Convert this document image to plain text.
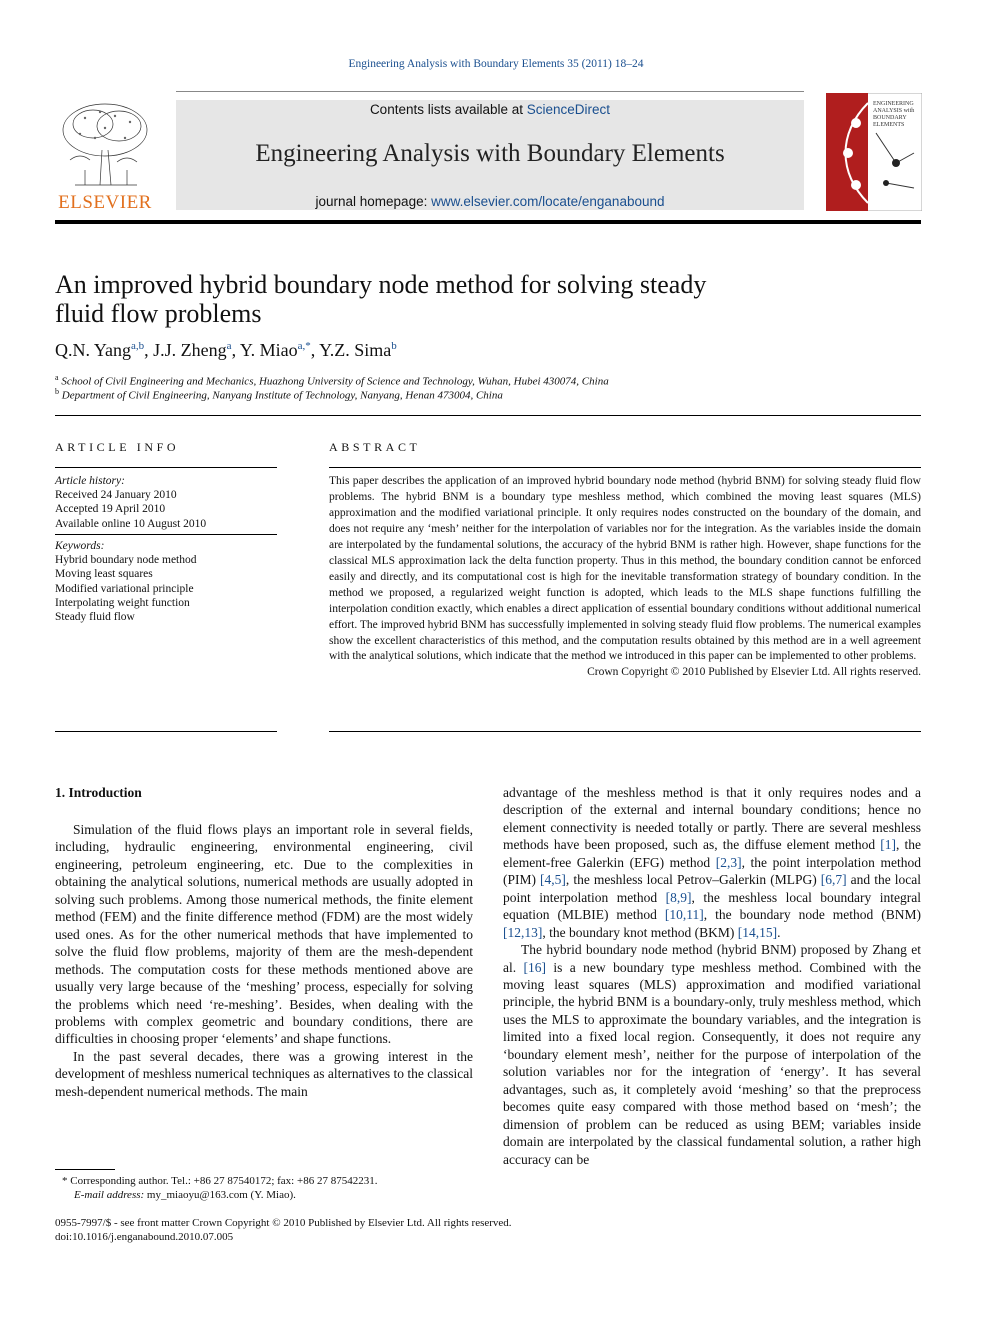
Engineering Analysis with Boundary Elements 35 (2011) 18–24
ELSEVIER
Contents lists available at ScienceDirect
Engineering Analysis with Boundary Elements
journal homepage: www.elsevier.com/locate/enganabound
ENGINEERING
ANALYSIS with
BOUNDARY
ELEMENTS
An improved hybrid boundary node method for solving steady
fluid flow problems
Q.N. Yang$^{a,b}$, J.J. Zheng$^a$, Y. Miao$^{a,*}$, Y.Z. Sima$^b$
$^a$ School of Civil Engineering and Mechanics, Huazhong University of Science and Technology, Wuhan, Hubei 430074, China
$^b$ Department of Civil Engineering, Nanyang Institute of Technology, Nanyang, Henan 473004, China
ARTICLE INFO
Article history:
Received 24 January 2010
Accepted 19 April 2010
Available online 10 August 2010
Keywords:
Hybrid boundary node method
Moving least squares
Modified variational principle
Interpolating weight function
Steady fluid flow
ABSTRACT
This paper describes the application of an improved hybrid boundary node method (hybrid BNM) for solving steady fluid flow problems. The hybrid BNM is a boundary type meshless method, which combined the moving least squares (MLS) approximation and the modified variational principle. It only requires nodes constructed on the boundary of the domain, and does not require any ‘mesh’ neither for the interpolation of variables nor for the integration. As the variables inside the domain are interpolated by the fundamental solutions, the accuracy of the hybrid BNM is rather high. However, shape functions for the classical MLS approximation lack the delta function property. Thus in this method, the boundary condition cannot be enforced easily and directly, and its computational cost is high for the inevitable transformation strategy of boundary condition. In the method we proposed, a regularized weight function is adopted, which leads to the MLS shape functions fulfilling the interpolation condition exactly, which enables a direct application of essential boundary conditions without additional numerical effort. The improved hybrid BNM has successfully implemented in solving steady fluid flow problems. The numerical examples show the excellent characteristics of this method, and the computation results obtained by this method are in a well agreement with the analytical solutions, which indicate that the method we introduced in this paper can be implemented to other problems.
Crown Copyright © 2010 Published by Elsevier Ltd. All rights reserved.
1. Introduction

Simulation of the fluid flows plays an important role in several fields, including, hydraulic engineering, environmental engineering, civil engineering, petroleum engineering, etc. Due to the complexities in obtaining the analytical solutions, numerical methods are usually adopted in solving such problems. Among those numerical methods, the finite element method (FEM) and the finite difference method (FDM) are the most widely used ones. As for the other numerical methods that have implemented to solve the fluid flow problems, majority of them are the mesh-dependent methods. The computation costs for these methods mentioned above are usually very large because of the ‘meshing’ process, especially for solving the problems which need ‘re-meshing’. Besides, when dealing with the problems with complex geometric and boundary conditions, there are difficulties in choosing proper ‘elements’ and shape functions.

In the past several decades, there was a growing interest in the development of meshless numerical techniques as alternatives to the classical mesh-dependent numerical methods. The main

advantage of the meshless method is that it only requires nodes and a description of the external and internal boundary conditions; hence no element connectivity is needed totally or partly. There are several meshless methods have been proposed, such as, the diffuse element method [1], the element-free Galerkin (EFG) method [2,3], the point interpolation method (PIM) [4,5], the meshless local Petrov–Galerkin (MLPG) [6,7] and the local point interpolation method [8,9], the meshless local boundary integral equation (MLBIE) method [10,11], the boundary node method (BNM) [12,13], the boundary knot method (BKM) [14,15].

The hybrid boundary node method (hybrid BNM) proposed by Zhang et al. [16] is a new boundary type meshless method. Combined with the moving least squares (MLS) approximation and modified variational principle, the hybrid BNM is a boundary-only, truly meshless method, which uses the MLS to approximate the boundary variables, and the integration is limited into a fixed local region. Consequently, it does not require any ‘boundary element mesh’, neither for the purpose of interpolation of the solution variables nor for the integration of ‘energy’. It has several advantages, such as, it completely avoid ‘meshing’ so that the preprocess becomes quite easy compared with those method based on ‘mesh’; the dimension of problem can be reduced as using BEM; variables inside domain are interpolated by the classical fundamental solution, a rather high accuracy can be

* Corresponding author. Tel.: +86 27 87540172; fax: +86 27 87542231.
E-mail address: my_miaoyu@163.com (Y. Miao).
0955-7997/$ - see front matter Crown Copyright © 2010 Published by Elsevier Ltd. All rights reserved.
doi:10.1016/j.enganabound.2010.07.005
